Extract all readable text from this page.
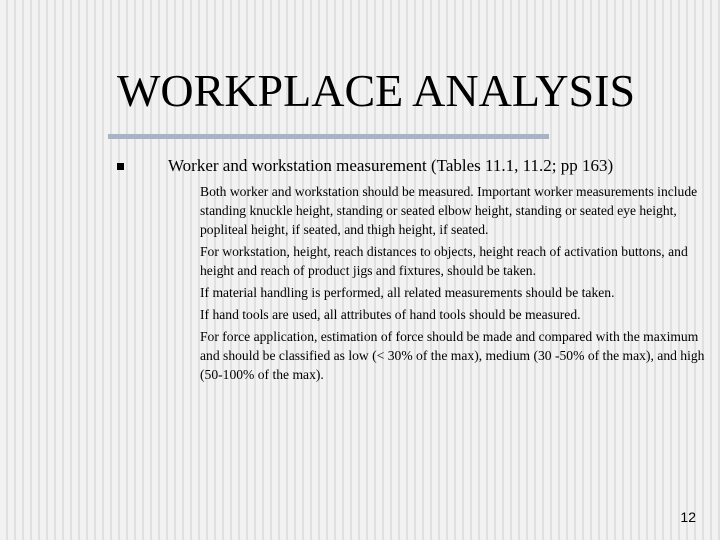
WORKPLACE ANALYSIS
Worker and workstation measurement (Tables 11.1, 11.2; pp 163)
Both worker and workstation should be measured. Important worker measurements include standing knuckle height, standing or seated elbow height, standing or seated eye height, popliteal height, if seated, and thigh height, if seated.
For workstation, height, reach distances to objects, height reach of activation buttons, and height and reach of product jigs and fixtures, should be taken.
If material handling is performed, all related measurements should be taken.
If hand tools are used, all attributes of hand tools should be measured.
For force application, estimation of force should be made and compared with the maximum and should be classified as low (< 30% of the max), medium (30 -50% of the max), and high (50-100% of the max).
12
